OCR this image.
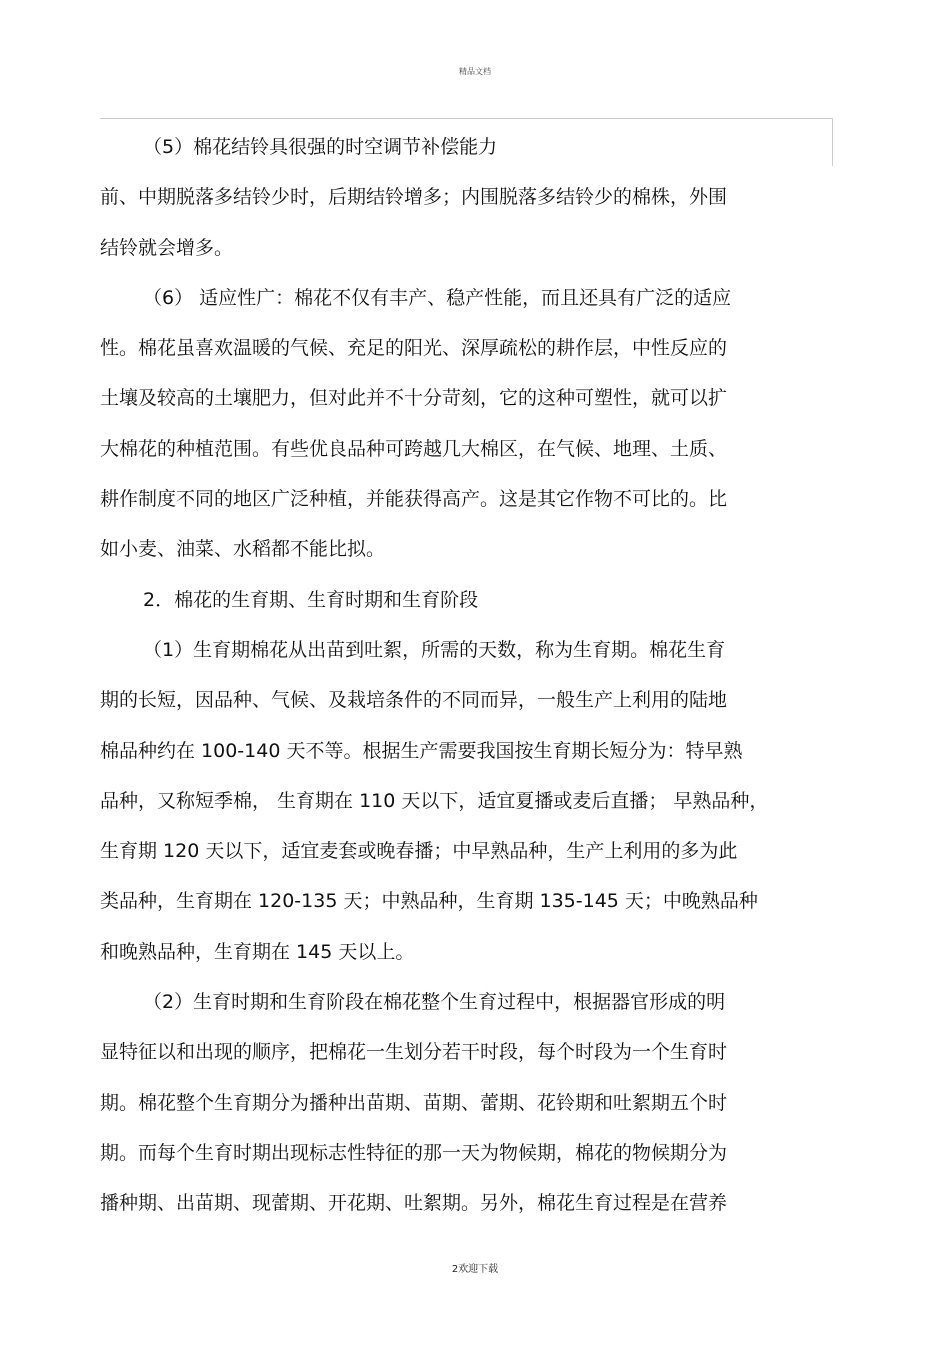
精品文档
（5）棉花结铃具很强的时空调节补偿能力
前、中期脱落多结铃少时，后期结铃增多；内围脱落多结铃少的棉株，外围
结铃就会增多。
（6） 适应性广：棉花不仅有丰产、稳产性能，而且还具有广泛的适应
性。棉花虽喜欢温暖的气候、充足的阳光、深厚疏松的耕作层，中性反应的
土壤及较高的土壤肥力，但对此并不十分苛刻，它的这种可塑性，就可以扩
大棉花的种植范围。有些优良品种可跨越几大棉区，在气候、地理、土质、
耕作制度不同的地区广泛种植，并能获得高产。这是其它作物不可比的。比
如小麦、油菜、水稻都不能比拟。
2．棉花的生育期、生育时期和生育阶段
（1）生育期棉花从出苗到吐絮，所需的天数，称为生育期。棉花生育
期的长短，因品种、气候、及栽培条件的不同而异，一般生产上利用的陆地
棉品种约在 100-140 天不等。根据生产需要我国按生育期长短分为：特早熟
品种，又称短季棉， 生育期在 110 天以下，适宜夏播或麦后直播； 早熟品种，
生育期 120 天以下，适宜麦套或晚春播；中早熟品种，生产上利用的多为此
类品种，生育期在 120-135 天；中熟品种，生育期 135-145 天；中晚熟品种
和晚熟品种，生育期在 145 天以上。
（2）生育时期和生育阶段在棉花整个生育过程中，根据器官形成的明
显特征以和出现的顺序，把棉花一生划分若干时段，每个时段为一个生育时
期。棉花整个生育期分为播种出苗期、苗期、蕾期、花铃期和吐絮期五个时
期。而每个生育时期出现标志性特征的那一天为物候期，棉花的物候期分为
播种期、出苗期、现蕾期、开花期、吐絮期。另外，棉花生育过程是在营养
2欢迎下载
